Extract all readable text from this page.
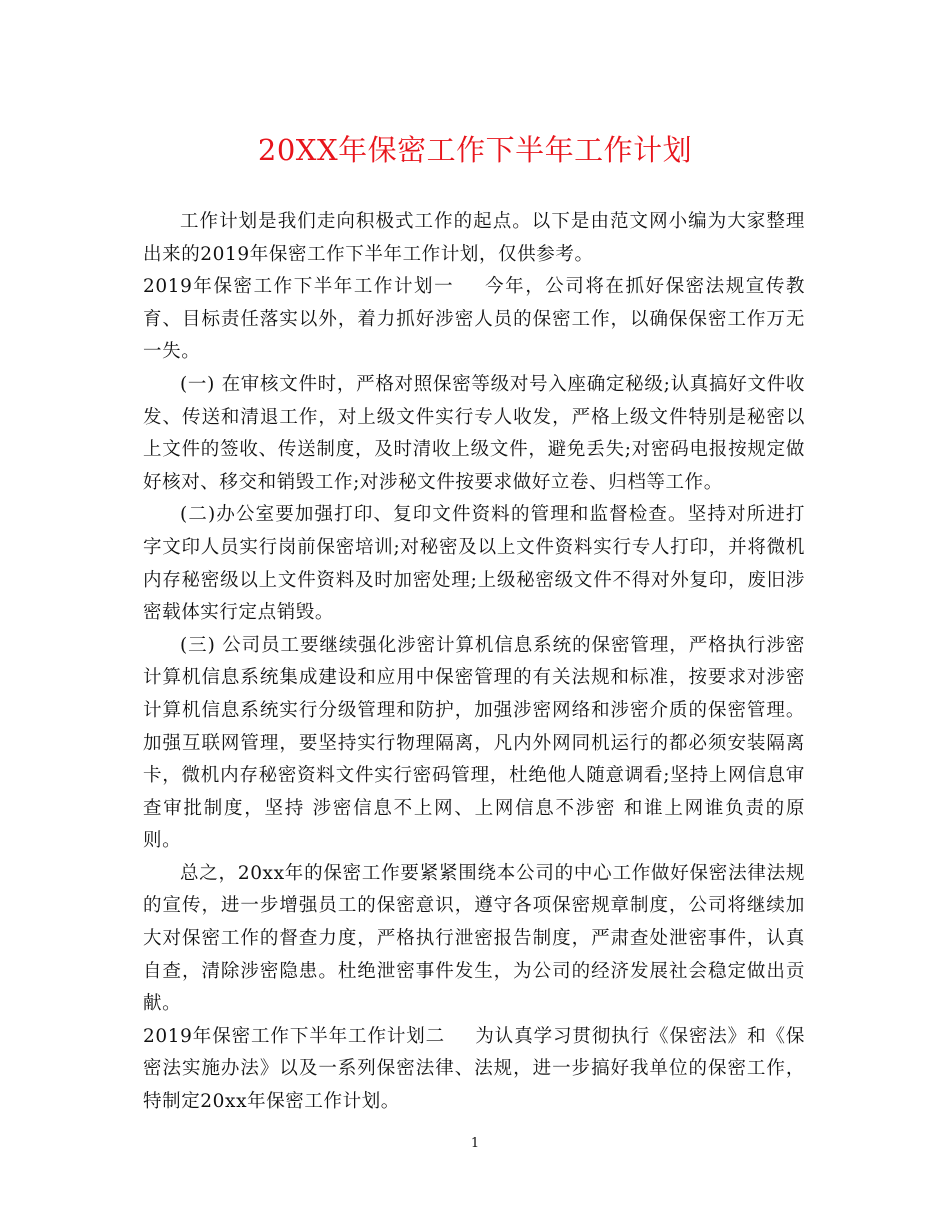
20XX年保密工作下半年工作计划

工作计划是我们走向积极式工作的起点。以下是由范文网小编为大家整理出来的2019年保密工作下半年工作计划，仅供参考。

2019年保密工作下半年工作计划一 今年，公司将在抓好保密法规宣传教育、目标责任落实以外，着力抓好涉密人员的保密工作，以确保保密工作万无一失。

(一) 在审核文件时，严格对照保密等级对号入座确定秘级;认真搞好文件收发、传送和清退工作，对上级文件实行专人收发，严格上级文件特别是秘密以上文件的签收、传送制度，及时清收上级文件，避免丢失;对密码电报按规定做好核对、移交和销毁工作;对涉秘文件按要求做好立卷、归档等工作。

(二)办公室要加强打印、复印文件资料的管理和监督检查。坚持对所进打字文印人员实行岗前保密培训;对秘密及以上文件资料实行专人打印，并将微机内存秘密级以上文件资料及时加密处理;上级秘密级文件不得对外复印，废旧涉密载体实行定点销毁。

(三) 公司员工要继续强化涉密计算机信息系统的保密管理，严格执行涉密计算机信息系统集成建设和应用中保密管理的有关法规和标准，按要求对涉密计算机信息系统实行分级管理和防护，加强涉密网络和涉密介质的保密管理。加强互联网管理，要坚持实行物理隔离，凡内外网同机运行的都必须安装隔离卡，微机内存秘密资料文件实行密码管理，杜绝他人随意调看;坚持上网信息审查审批制度，坚持 涉密信息不上网、上网信息不涉密 和谁上网谁负责的原则。

总之，20xx年的保密工作要紧紧围绕本公司的中心工作做好保密法律法规的宣传，进一步增强员工的保密意识，遵守各项保密规章制度，公司将继续加大对保密工作的督查力度，严格执行泄密报告制度，严肃查处泄密事件，认真自查，清除涉密隐患。杜绝泄密事件发生，为公司的经济发展社会稳定做出贡献。

2019年保密工作下半年工作计划二 为认真学习贯彻执行《保密法》和《保密法实施办法》以及一系列保密法律、法规，进一步搞好我单位的保密工作，特制定20xx年保密工作计划。

1
